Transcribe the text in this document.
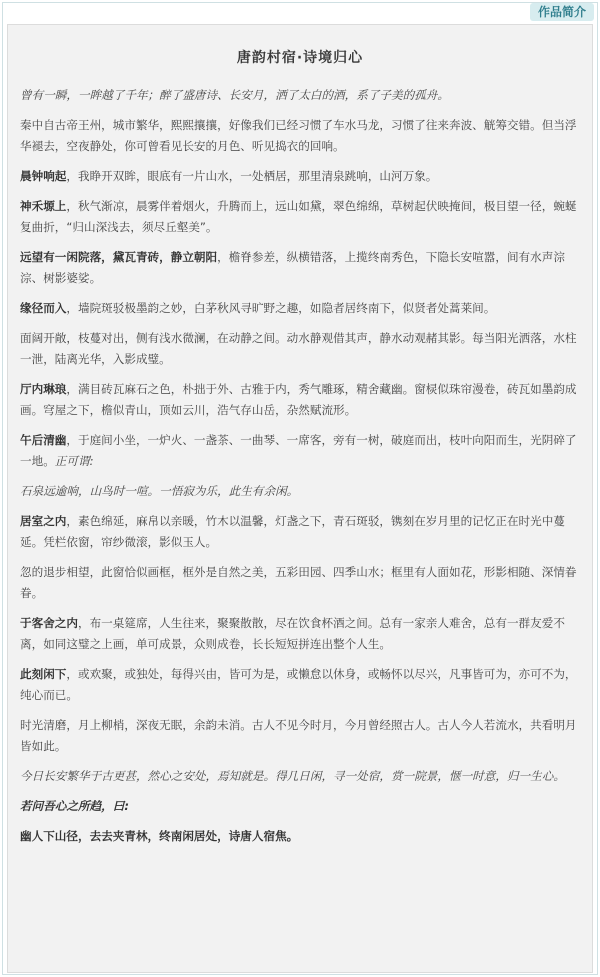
作品简介
唐韵村宿·诗境归心

曾有一瞬，一眸越了千年；醉了盛唐诗、长安月，洒了太白的酒，系了子美的孤舟。

秦中自古帝王州，城市繁华，熙熙攘攘，好像我们已经习惯了车水马龙，习惯了往来奔波、觥筹交错。但当浮华褪去，空夜静处，你可曾看见长安的月色、听见捣衣的回响。

晨钟响起，我睁开双眸，眼底有一片山水，一处栖居，那里清泉跳响，山河万象。

神禾塬上，秋气渐凉，晨雾伴着烟火，升腾而上，远山如黛，翠色绵绵，草树起伏映掩间，极目望一径，蜿蜒复曲折，“归山深浅去，须尽丘壑美”。

远望有一闲院落，黛瓦青砖，静立朝阳，檐脊参差，纵横错落，上揽终南秀色，下隐长安喧嚣，间有水声淙淙、树影婆娑。

缘径而入，墙院斑驳极墨韵之妙，白茅秋风寻旷野之趣，如隐者居终南下，似贤者处蒿莱间。

面阔开敞，枝蔓对出，侧有浅水微澜，在动静之间。动水静观借其声，静水动观赭其影。每当阳光洒落，水柱一泄，陆离光华，入影成璧。

厅内琳琅，满目砖瓦麻石之色，朴拙于外、古雅于内，秀气雕琢，精舍藏幽。窗棂似珠帘漫卷，砖瓦如墨韵成画。穹屋之下，檐似青山，顶如云川，浩气存山岳，杂然赋流形。

午后清幽，于庭间小坐，一炉火、一盏茶、一曲琴、一席客，旁有一树，破庭而出，枝叶向阳而生，光阴碎了一地。正可谓:

石泉远逾响，山鸟时一喧。一悟寂为乐，此生有余闲。

居室之内，素色绵延，麻帛以亲暖，竹木以温馨，灯盏之下，青石斑驳，镌刻在岁月里的记忆正在时光中蔓延。凭栏依窗，帘纱微滚，影似玉人。

忽的退步相望，此窗恰似画框，框外是自然之美，五彩田园、四季山水；框里有人面如花，形影相随、深情眷眷。

于客舍之内，布一桌筵席，人生往来，聚聚散散，尽在饮食杯酒之间。总有一家亲人难舍，总有一群友爱不离，如同这璧之上画，单可成景，众则成卷，长长短短拼连出整个人生。

此刻闲下，或欢聚，或独处，每得兴由，皆可为是，或懒怠以休身，或畅怀以尽兴，凡事皆可为，亦可不为，纯心而已。

时光清磨，月上柳梢，深夜无眠，余韵未消。古人不见今时月，今月曾经照古人。古人今人若流水，共看明月皆如此。

今日长安繁华于古更甚，然心之安处，焉知就是。得几日闲，寻一处宿，赏一院景，惬一时意，归一生心。

若问吾心之所趋，曰:

幽人下山径，去去夹青林，终南闲居处，诗唐人宿焦。
